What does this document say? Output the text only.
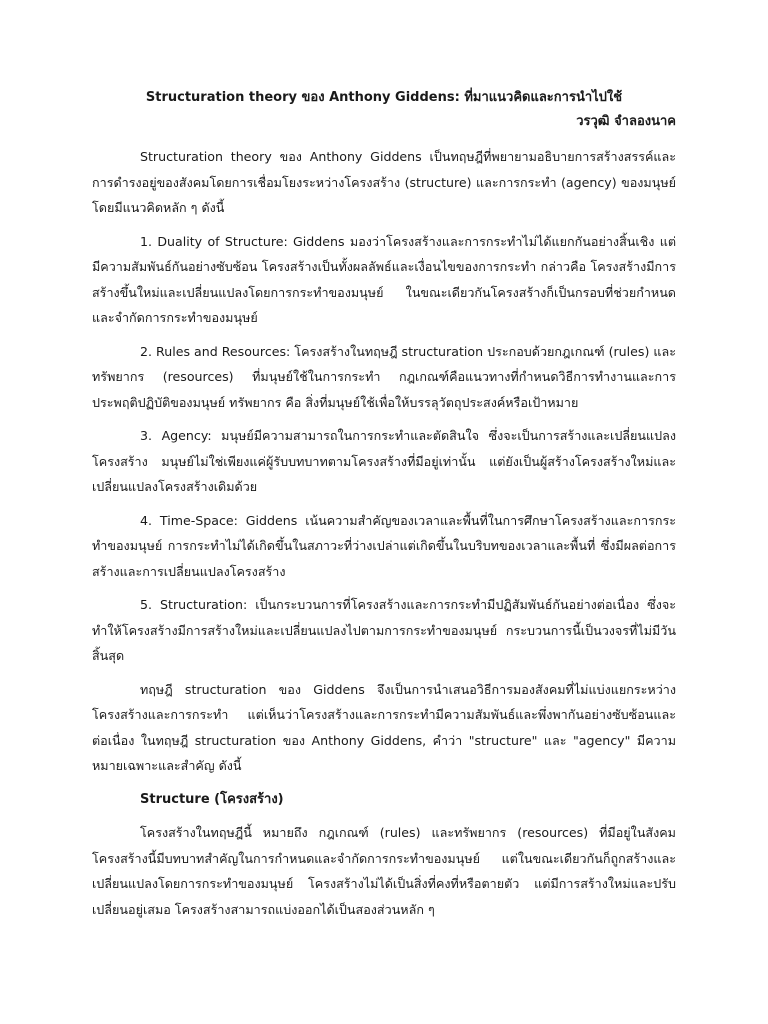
Structuration theory ของ Anthony Giddens: ที่มาแนวคิดและการนำไปใช้
วรวุฒิ จำลองนาค

Structuration theory ของ Anthony Giddens เป็นทฤษฎีที่พยายามอธิบายการสร้างสรรค์และการดำรงอยู่ของสังคมโดยการเชื่อมโยงระหว่างโครงสร้าง (structure) และการกระทำ (agency) ของมนุษย์ โดยมีแนวคิดหลัก ๆ ดังนี้

1. Duality of Structure: Giddens มองว่าโครงสร้างและการกระทำไม่ได้แยกกันอย่างสิ้นเชิง แต่มีความสัมพันธ์กันอย่างซับซ้อน โครงสร้างเป็นทั้งผลลัพธ์และเงื่อนไขของการกระทำ กล่าวคือ โครงสร้างมีการสร้างขึ้นใหม่และเปลี่ยนแปลงโดยการกระทำของมนุษย์ ในขณะเดียวกันโครงสร้างก็เป็นกรอบที่ช่วยกำหนดและจำกัดการกระทำของมนุษย์

2. Rules and Resources: โครงสร้างในทฤษฎี structuration ประกอบด้วยกฎเกณฑ์ (rules) และทรัพยากร (resources) ที่มนุษย์ใช้ในการกระทำ กฎเกณฑ์คือแนวทางที่กำหนดวิธีการทำงานและการประพฤติปฏิบัติของมนุษย์ ทรัพยากร คือ สิ่งที่มนุษย์ใช้เพื่อให้บรรลุวัตถุประสงค์หรือเป้าหมาย

3. Agency: มนุษย์มีความสามารถในการกระทำและตัดสินใจ ซึ่งจะเป็นการสร้างและเปลี่ยนแปลงโครงสร้าง มนุษย์ไม่ใช่เพียงแค่ผู้รับบทบาทตามโครงสร้างที่มีอยู่เท่านั้น แต่ยังเป็นผู้สร้างโครงสร้างใหม่และเปลี่ยนแปลงโครงสร้างเดิมด้วย

4. Time-Space: Giddens เน้นความสำคัญของเวลาและพื้นที่ในการศึกษาโครงสร้างและการกระทำของมนุษย์ การกระทำไม่ได้เกิดขึ้นในสภาวะที่ว่างเปล่าแต่เกิดขึ้นในบริบทของเวลาและพื้นที่ ซึ่งมีผลต่อการสร้างและการเปลี่ยนแปลงโครงสร้าง

5. Structuration: เป็นกระบวนการที่โครงสร้างและการกระทำมีปฏิสัมพันธ์กันอย่างต่อเนื่อง ซึ่งจะทำให้โครงสร้างมีการสร้างใหม่และเปลี่ยนแปลงไปตามการกระทำของมนุษย์ กระบวนการนี้เป็นวงจรที่ไม่มีวันสิ้นสุด

ทฤษฎี structuration ของ Giddens จึงเป็นการนำเสนอวิธีการมองสังคมที่ไม่แบ่งแยกระหว่างโครงสร้างและการกระทำ แต่เห็นว่าโครงสร้างและการกระทำมีความสัมพันธ์และพึ่งพากันอย่างซับซ้อนและต่อเนื่อง ในทฤษฎี structuration ของ Anthony Giddens, คำว่า "structure" และ "agency" มีความหมายเฉพาะและสำคัญ ดังนี้

Structure (โครงสร้าง)

โครงสร้างในทฤษฎีนี้ หมายถึง กฎเกณฑ์ (rules) และทรัพยากร (resources) ที่มีอยู่ในสังคม โครงสร้างนี้มีบทบาทสำคัญในการกำหนดและจำกัดการกระทำของมนุษย์ แต่ในขณะเดียวกันก็ถูกสร้างและเปลี่ยนแปลงโดยการกระทำของมนุษย์ โครงสร้างไม่ได้เป็นสิ่งที่คงที่หรือตายตัว แต่มีการสร้างใหม่และปรับเปลี่ยนอยู่เสมอ โครงสร้างสามารถแบ่งออกได้เป็นสองส่วนหลัก ๆ
